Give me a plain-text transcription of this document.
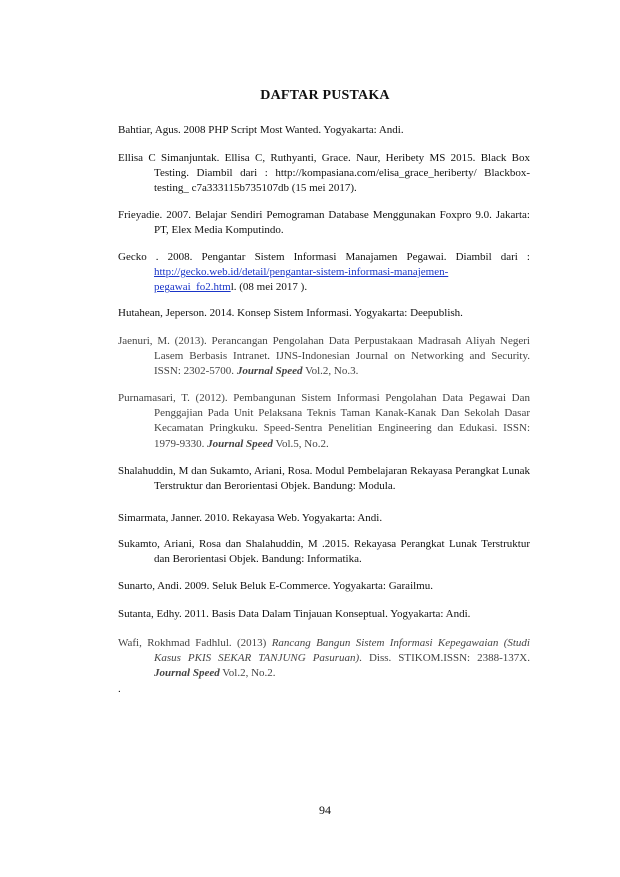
DAFTAR PUSTAKA
Bahtiar, Agus. 2008 PHP Script Most Wanted. Yogyakarta: Andi.
Ellisa C Simanjuntak. Ellisa C, Ruthyanti, Grace. Naur, Heribety MS 2015. Black Box Testing. Diambil dari : http://kompasiana.com/elisa_grace_heriberty/ Blackbox-testing_ c7a333115b735107db (15 mei 2017).
Frieyadie. 2007. Belajar Sendiri Pemograman Database Menggunakan Foxpro 9.0. Jakarta: PT, Elex Media Komputindo.
Gecko . 2008. Pengantar Sistem Informasi Manajamen Pegawai. Diambil dari : http://gecko.web.id/detail/pengantar-sistem-informasi-manajemen-pegawai_fo2.html. (08 mei 2017 ).
Hutahean, Jeperson. 2014. Konsep Sistem Informasi. Yogyakarta: Deepublish.
Jaenuri, M. (2013). Perancangan Pengolahan Data Perpustakaan Madrasah Aliyah Negeri Lasem Berbasis Intranet. IJNS-Indonesian Journal on Networking and Security. ISSN: 2302-5700. Journal Speed Vol.2, No.3.
Purnamasari, T. (2012). Pembangunan Sistem Informasi Pengolahan Data Pegawai Dan Penggajian Pada Unit Pelaksana Teknis Taman Kanak-Kanak Dan Sekolah Dasar Kecamatan Pringkuku. Speed-Sentra Penelitian Engineering dan Edukasi. ISSN: 1979-9330. Journal Speed Vol.5, No.2.
Shalahuddin, M dan Sukamto, Ariani, Rosa. Modul Pembelajaran Rekayasa Perangkat Lunak Terstruktur dan Berorientasi Objek. Bandung: Modula.
Simarmata, Janner. 2010. Rekayasa Web. Yogyakarta: Andi.
Sukamto, Ariani, Rosa dan Shalahuddin, M .2015. Rekayasa Perangkat Lunak Terstruktur dan Berorientasi Objek. Bandung: Informatika.
Sunarto, Andi. 2009. Seluk Beluk E-Commerce. Yogyakarta: Garailmu.
Sutanta, Edhy. 2011. Basis Data Dalam Tinjauan Konseptual. Yogyakarta: Andi.
Wafi, Rokhmad Fadhlul. (2013) Rancang Bangun Sistem Informasi Kepegawaian (Studi Kasus PKIS SEKAR TANJUNG Pasuruan). Diss. STIKOM.ISSN: 2388-137X. Journal Speed Vol.2, No.2.
.
94
